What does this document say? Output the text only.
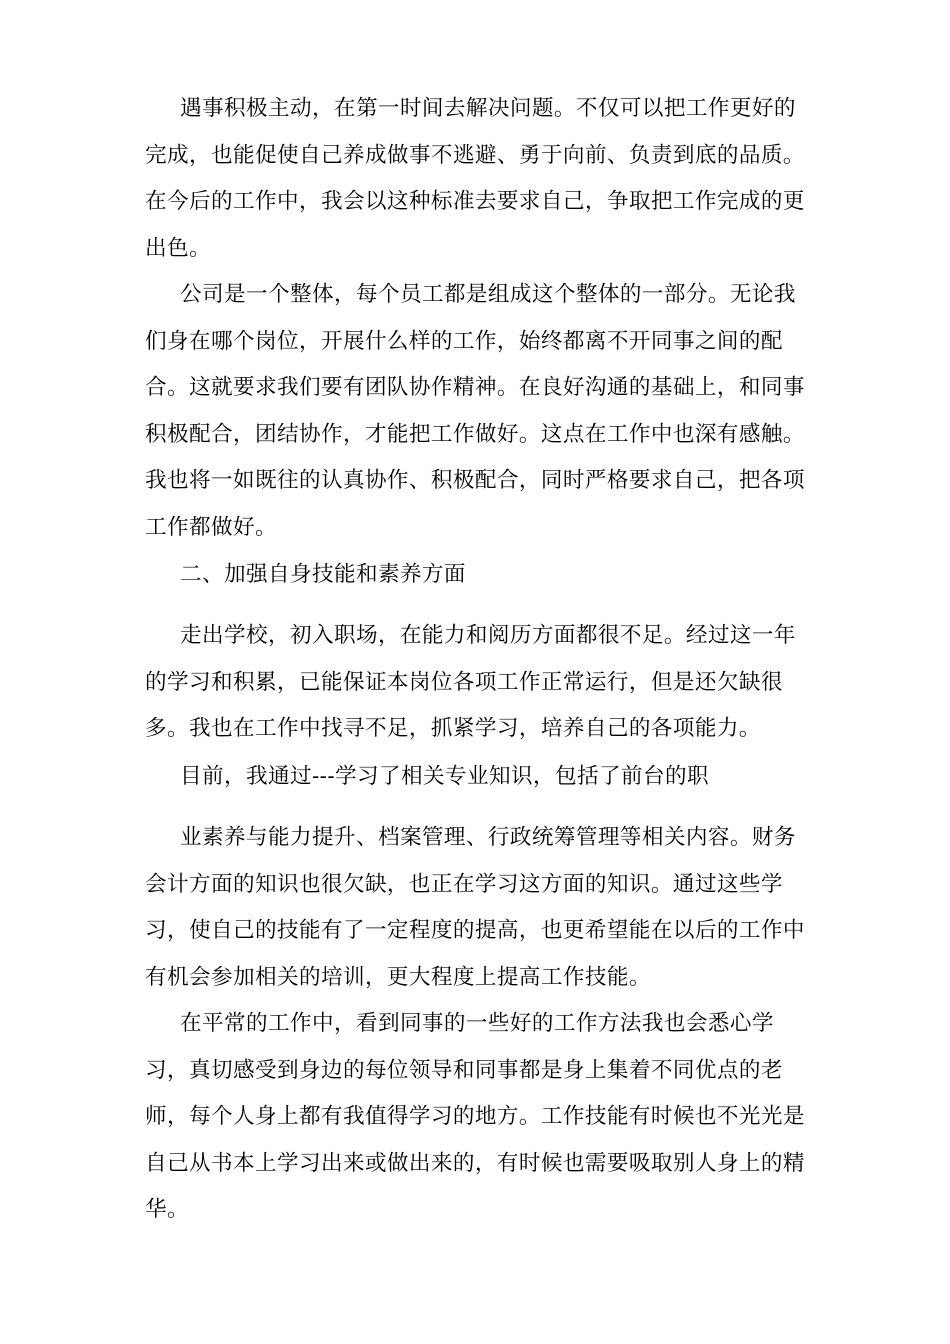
遇事积极主动，在第一时间去解决问题。不仅可以把工作更好的完成，也能促使自己养成做事不逃避、勇于向前、负责到底的品质。在今后的工作中，我会以这种标准去要求自己，争取把工作完成的更出色。

公司是一个整体，每个员工都是组成这个整体的一部分。无论我们身在哪个岗位，开展什么样的工作，始终都离不开同事之间的配合。这就要求我们要有团队协作精神。在良好沟通的基础上，和同事积极配合，团结协作，才能把工作做好。这点在工作中也深有感触。我也将一如既往的认真协作、积极配合，同时严格要求自己，把各项工作都做好。

二、加强自身技能和素养方面

走出学校，初入职场，在能力和阅历方面都很不足。经过这一年的学习和积累，已能保证本岗位各项工作正常运行，但是还欠缺很多。我也在工作中找寻不足，抓紧学习，培养自己的各项能力。

目前，我通过---学习了相关专业知识，包括了前台的职

业素养与能力提升、档案管理、行政统筹管理等相关内容。财务会计方面的知识也很欠缺，也正在学习这方面的知识。通过这些学习，使自己的技能有了一定程度的提高，也更希望能在以后的工作中有机会参加相关的培训，更大程度上提高工作技能。

在平常的工作中，看到同事的一些好的工作方法我也会悉心学习，真切感受到身边的每位领导和同事都是身上集着不同优点的老师，每个人身上都有我值得学习的地方。工作技能有时候也不光光是自己从书本上学习出来或做出来的，有时候也需要吸取别人身上的精华。
